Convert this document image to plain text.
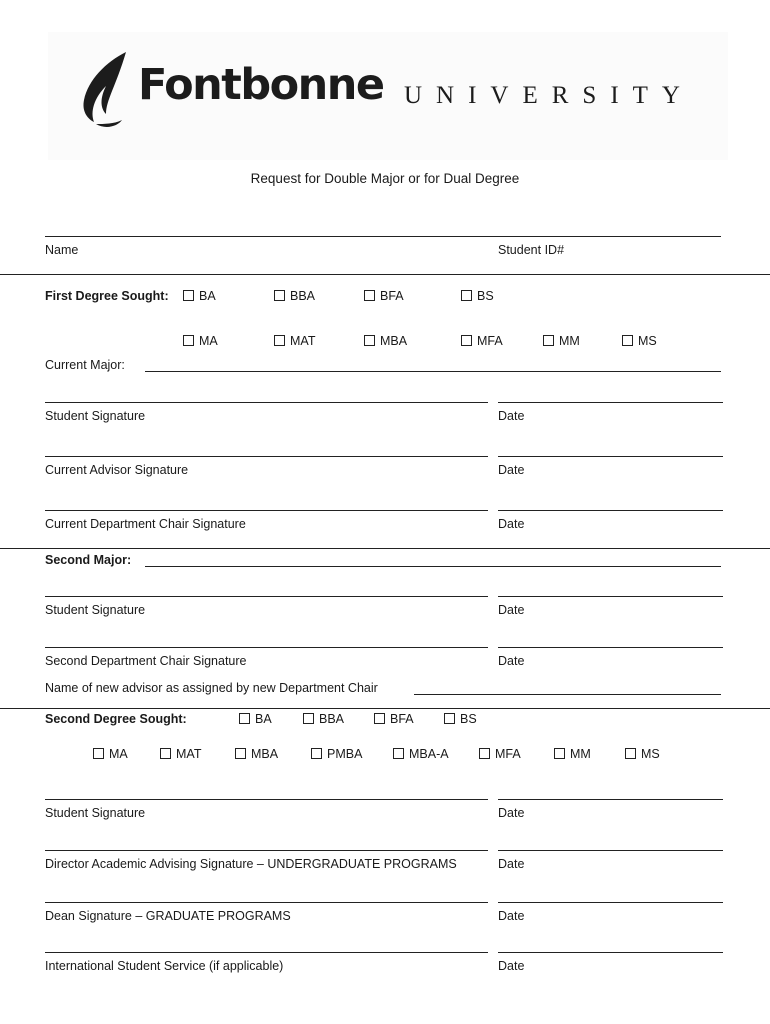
Fontbonne UNIVERSITY
Request for Double Major or for Dual Degree
Name	Student ID#
First Degree Sought:	BA	BBA	BFA	BS
MA	MAT	MBA	MFA	MM	MS
Current Major:
Student Signature	Date
Current Advisor Signature	Date
Current Department Chair Signature	Date
Second Major:
Student Signature	Date
Second Department Chair Signature	Date
Name of new advisor as assigned by new Department Chair
Second Degree Sought:	BA	BBA	BFA	BS
MA	MAT	MBA	PMBA	MBA-A	MFA	MM	MS
Student Signature	Date
Director Academic Advising Signature – UNDERGRADUATE PROGRAMS	Date
Dean Signature – GRADUATE PROGRAMS	Date
International Student Service (if applicable)	Date
